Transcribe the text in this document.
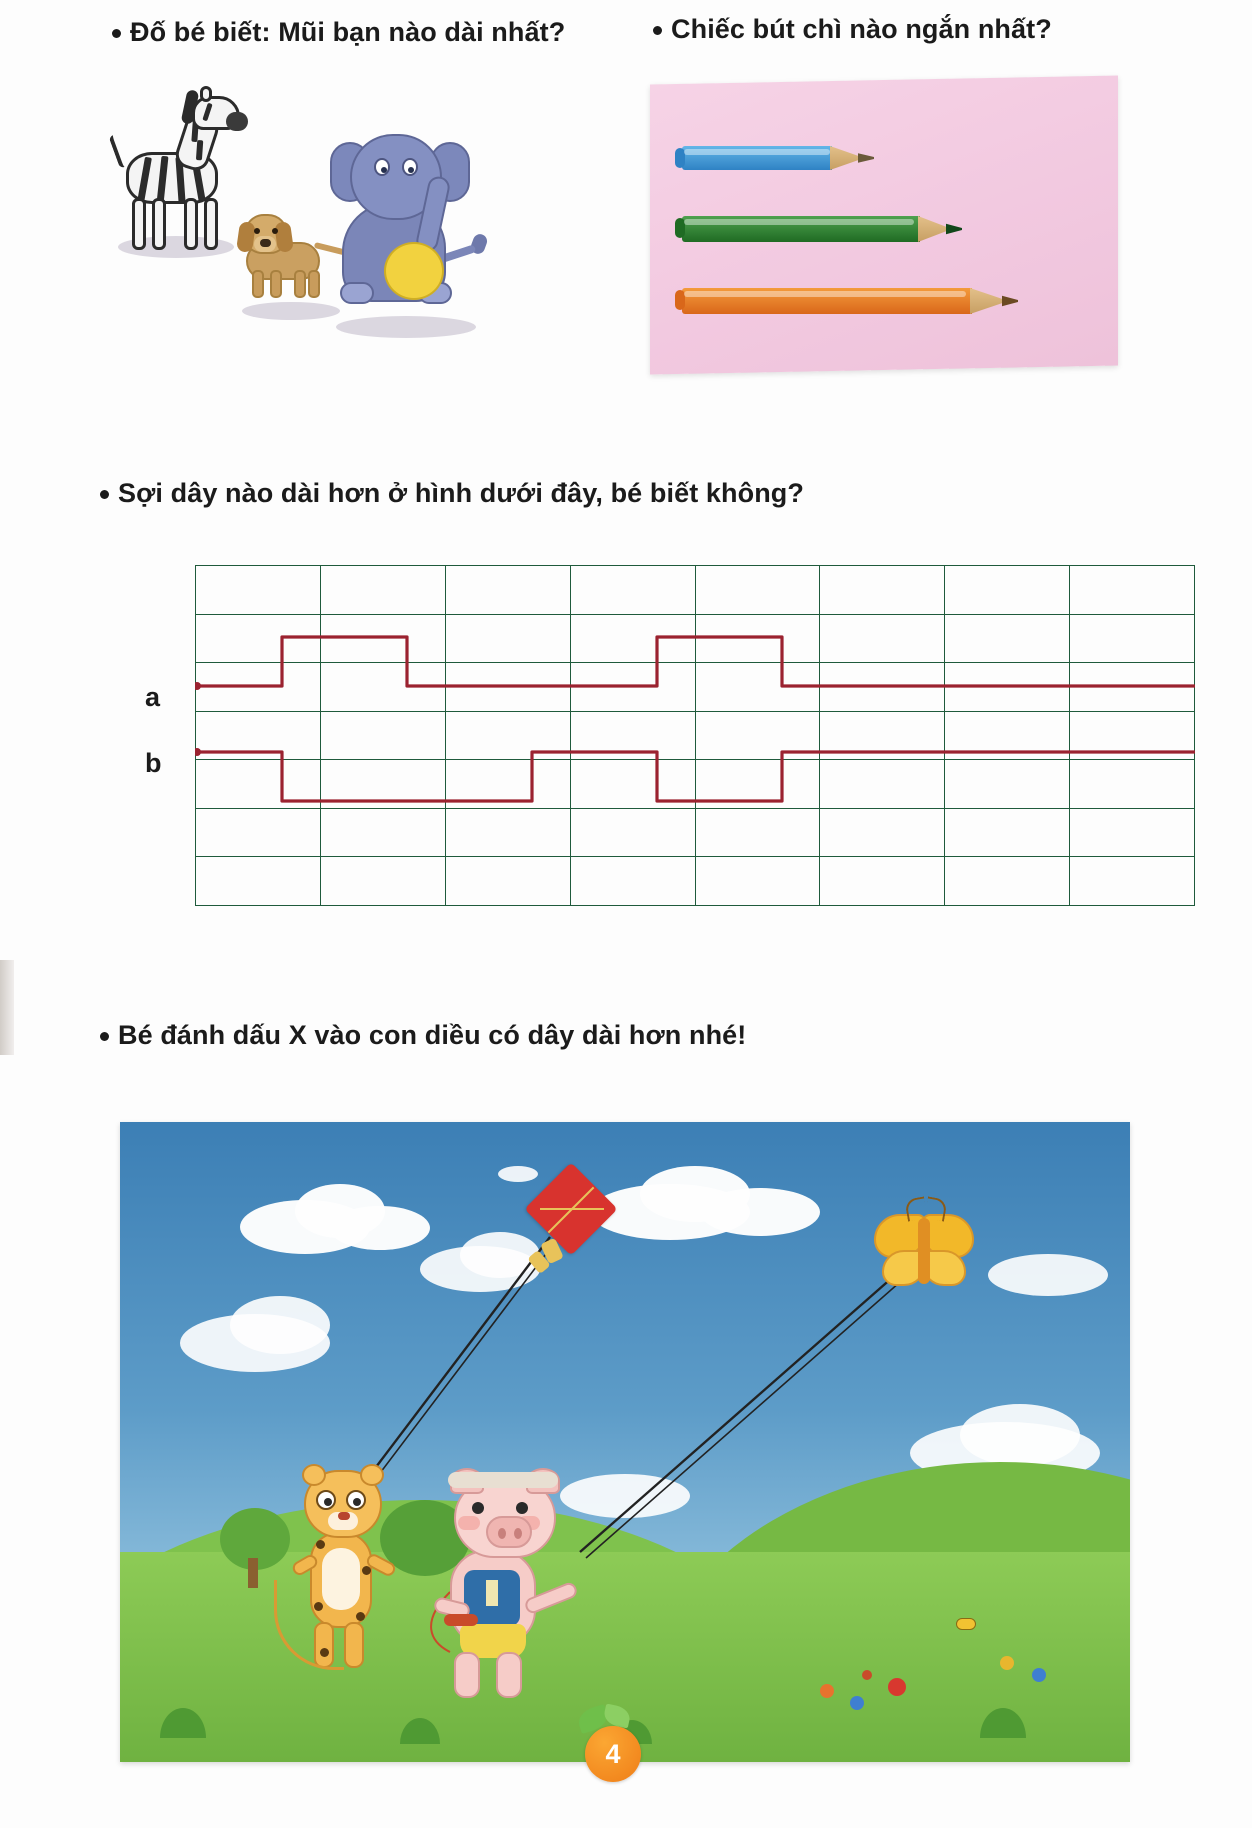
Đố bé biết: Mũi bạn nào dài nhất?	Chiếc bút chì nào ngắn nhất?
Sợi dây nào dài hơn ở hình dưới đây, bé biết không?
a
b

Bé đánh dấu X vào con diều có dây dài hơn nhé!
4
